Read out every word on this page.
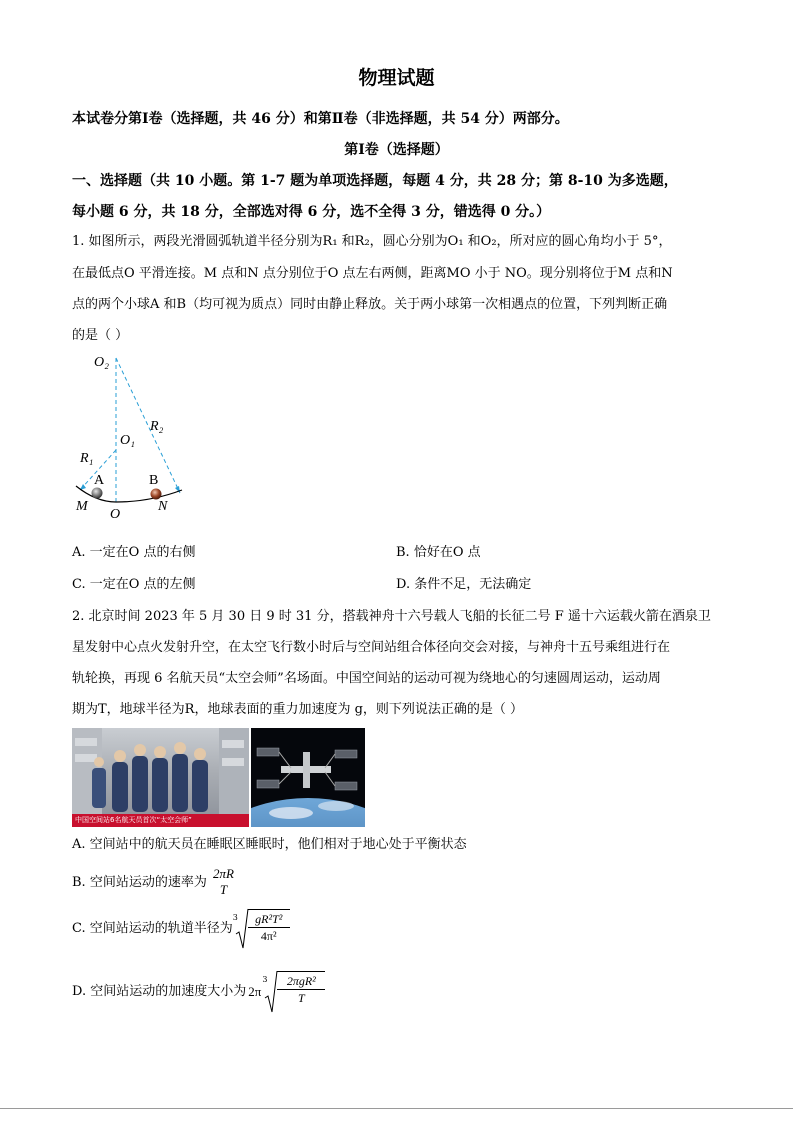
物理试题
本试卷分第Ⅰ卷（选择题，共 46 分）和第Ⅱ卷（非选择题，共 54 分）两部分。
第Ⅰ卷（选择题）
一、选择题（共 10 小题。第 1-7 题为单项选择题，每题 4 分，共 28 分；第 8-10 为多选题，
每小题 6 分，共 18 分，全部选对得 6 分，选不全得 3 分，错选得 0 分。）
1. 如图所示，两段光滑圆弧轨道半径分别为R₁ 和R₂，圆心分别为O₁ 和O₂，所对应的圆心角均小于 5°，
在最低点O 平滑连接。M 点和N 点分别位于O 点左右两侧，距离MO 小于 NO。现分别将位于M 点和N
点的两个小球A 和B（均可视为质点）同时由静止释放。关于两小球第一次相遇点的位置，下列判断正确
的是（ ）
O₂
O₁
R₂
R₁
A	B
M
O
N
A. 一定在O 点的右侧	B. 恰好在O 点
C. 一定在O 点的左侧	D. 条件不足，无法确定
2. 北京时间 2023 年 5 月 30 日 9 时 31 分，搭载神舟十六号载人飞船的长征二号 F 遥十六运载火箭在酒泉卫
星发射中心点火发射升空，在太空飞行数小时后与空间站组合体径向交会对接，与神舟十五号乘组进行在
轨轮换，再现 6 名航天员“太空会师”名场面。中国空间站的运动可视为绕地心的匀速圆周运动，运动周
期为T，地球半径为R，地球表面的重力加速度为 g，则下列说法正确的是（ ）
中国空间站6名航天员首次“太空会师”
A. 空间站中的航天员在睡眠区睡眠时，他们相对于地心处于平衡状态
B. 空间站运动的速率为
2πR
T
C. 空间站运动的轨道半径为
$3 \frac{\text{gR²T²}}{\text{4π²}}$
D. 空间站运动的加速度大小为 2π
3	2πgR²
T
